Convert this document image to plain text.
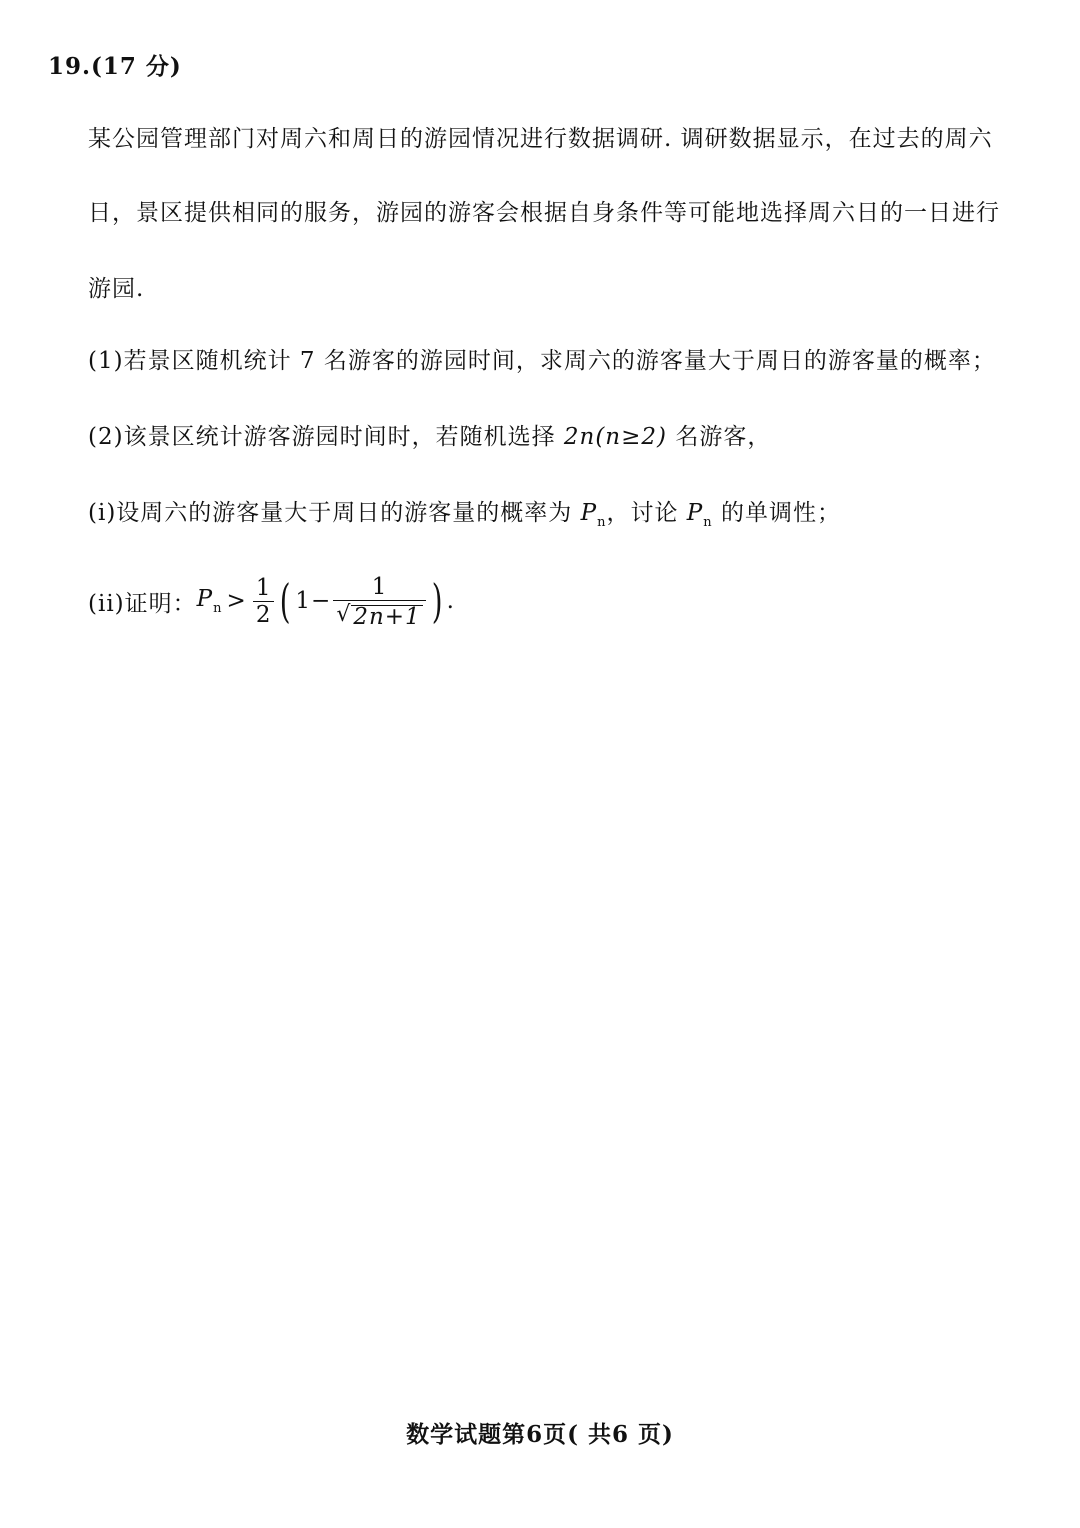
19.(17 分)
某公园管理部门对周六和周日的游园情况进行数据调研. 调研数据显示，在过去的周六
日，景区提供相同的服务，游园的游客会根据自身条件等可能地选择周六日的一日进行
游园.
(1)若景区随机统计 7 名游客的游园时间，求周六的游客量大于周日的游客量的概率；
(2)该景区统计游客游园时间时，若随机选择 2n(n≥2) 名游客，
(i)设周六的游客量大于周日的游客量的概率为 $P_n$，讨论 $P_n$ 的单调性；
(ii)证明： $P_n > \frac{1}{2}$ ( $1- \frac{1}{√ 2n+1}$ ) .
数学试题第6页( 共6 页)
